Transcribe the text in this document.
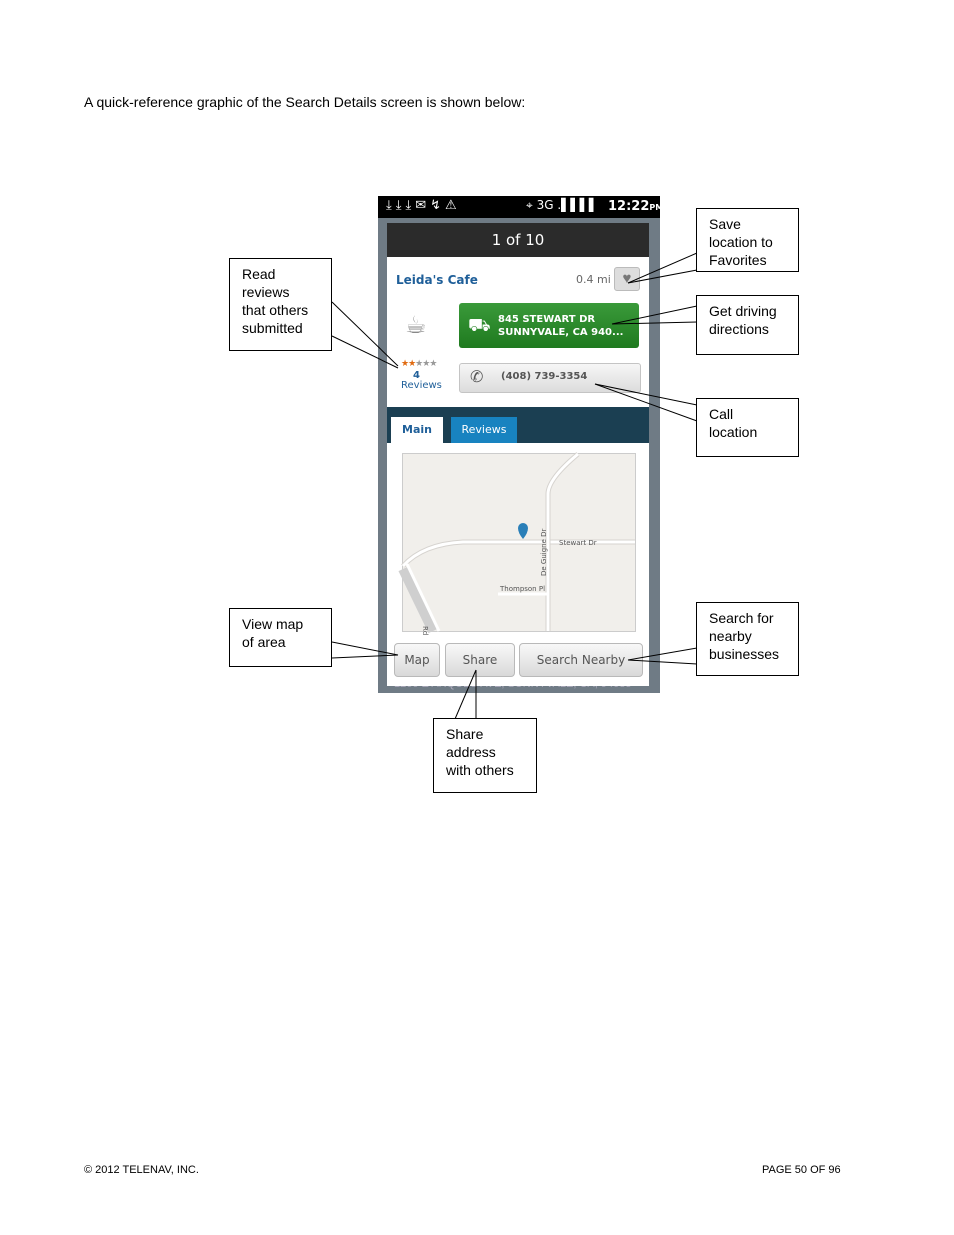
A quick-reference graphic of the Search Details screen is shown below:
⤓⤓⤓✉↯⚠	⌖ 3G .▌▌▌▌ 12:22PM
1 of 10
Leida's Cafe	0.4 mi ♥
☕ ⛟ 845 STEWART DR
SUNNYVALE, CA 940...
★★★★★
4
Reviews ✆ (408) 739-3354
Main	Reviews
Stewart Dr
Thompson Pl
De Guigne Dr
Rd
Map	Share	Search Nearby
Save
location to
Favorites
Get driving
directions
Call
location
Read
reviews
that others
submitted
View map
of area
Search for
nearby
businesses
Share
address
with others
© 2012 TELENAV, INC.	PAGE 50 OF 96
